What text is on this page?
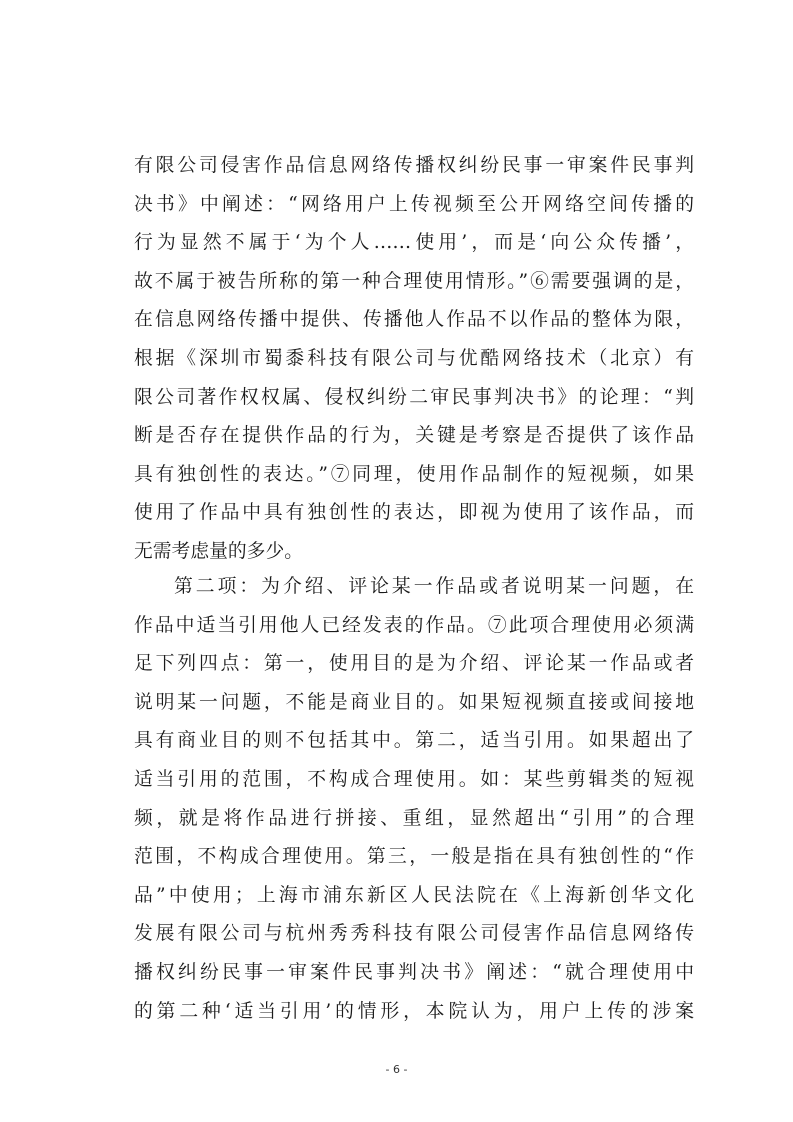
有限公司侵害作品信息网络传播权纠纷民事一审案件民事判
决书》中阐述：“网络用户上传视频至公开网络空间传播的
行为显然不属于‘为个人……使用’，而是‘向公众传播’，
故不属于被告所称的第一种合理使用情形。”⑥需要强调的是，
在信息网络传播中提供、传播他人作品不以作品的整体为限，
根据《深圳市蜀黍科技有限公司与优酷网络技术（北京）有
限公司著作权权属、侵权纠纷二审民事判决书》的论理：“判
断是否存在提供作品的行为，关键是考察是否提供了该作品
具有独创性的表达。”⑦同理，使用作品制作的短视频，如果
使用了作品中具有独创性的表达，即视为使用了该作品，而
无需考虑量的多少。
第二项：为介绍、评论某一作品或者说明某一问题，在
作品中适当引用他人已经发表的作品。⑦此项合理使用必须满
足下列四点：第一，使用目的是为介绍、评论某一作品或者
说明某一问题，不能是商业目的。如果短视频直接或间接地
具有商业目的则不包括其中。第二，适当引用。如果超出了
适当引用的范围，不构成合理使用。如：某些剪辑类的短视
频，就是将作品进行拼接、重组，显然超出“引用”的合理
范围，不构成合理使用。第三，一般是指在具有独创性的“作
品”中使用；上海市浦东新区人民法院在《上海新创华文化
发展有限公司与杭州秀秀科技有限公司侵害作品信息网络传
播权纠纷民事一审案件民事判决书》阐述：“就合理使用中
的第二种‘适当引用’的情形，本院认为，用户上传的涉案
- 6 -
